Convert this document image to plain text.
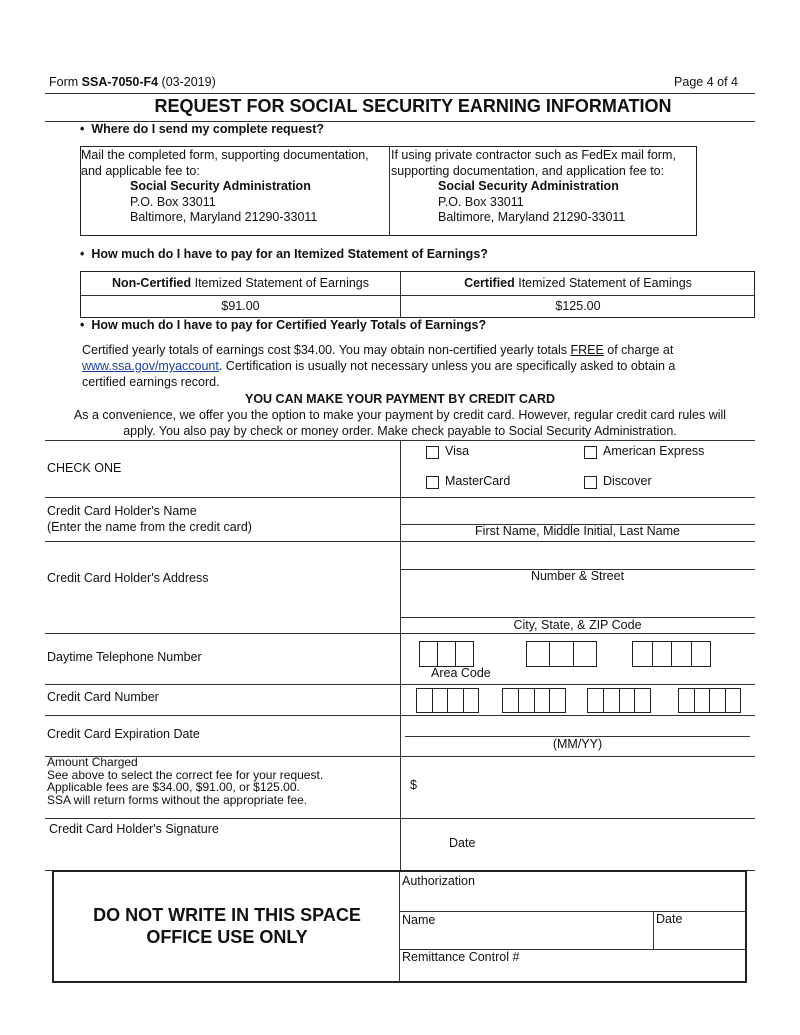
Form SSA-7050-F4 (03-2019)	Page 4 of 4
REQUEST FOR SOCIAL SECURITY EARNING INFORMATION
•  Where do I send my complete request?
Mail the completed form, supporting documentation,
and applicable fee to:
Social Security Administration
P.O. Box 33011
Baltimore, Maryland 21290-33011
If using private contractor such as FedEx mail form,
supporting documentation, and application fee to:
Social Security Administration
P.O. Box 33011
Baltimore, Maryland 21290-33011
•  How much do I have to pay for an Itemized Statement of Earnings?
Non-Certified Itemized Statement of Earnings	Certified Itemized Statement of Eamings
$91.00	$125.00
•  How much do I have to pay for Certified Yearly Totals of Earnings?
Certified yearly totals of earnings cost $34.00. You may obtain non-certified yearly totals FREE of charge at
www.ssa.gov/myaccount. Certification is usually not necessary unless you are specifically asked to obtain a
certified earnings record.
YOU CAN MAKE YOUR PAYMENT BY CREDIT CARD
As a convenience, we offer you the option to make your payment by credit card. However, regular credit card rules will
apply. You also pay by check or money order. Make check payable to Social Security Administration.
CHECK ONE
Visa	American Express
MasterCard	Discover
Credit Card Holder's Name
(Enter the name from the credit card)	First Name, Middle Initial, Last Name
Credit Card Holder's Address	Number & Street
City, State, & ZIP Code
Daytime Telephone Number
Area Code
Credit Card Number
Credit Card Expiration Date
(MM/YY)
Amount Charged
See above to select the correct fee for your request.
Applicable fees are $34.00, $91.00, or $125.00.
SSA will return forms without the appropriate fee.
$
Credit Card Holder's Signature
Date
DO NOT WRITE IN THIS SPACE
OFFICE USE ONLY
Authorization
Name	Date
Remittance Control #
